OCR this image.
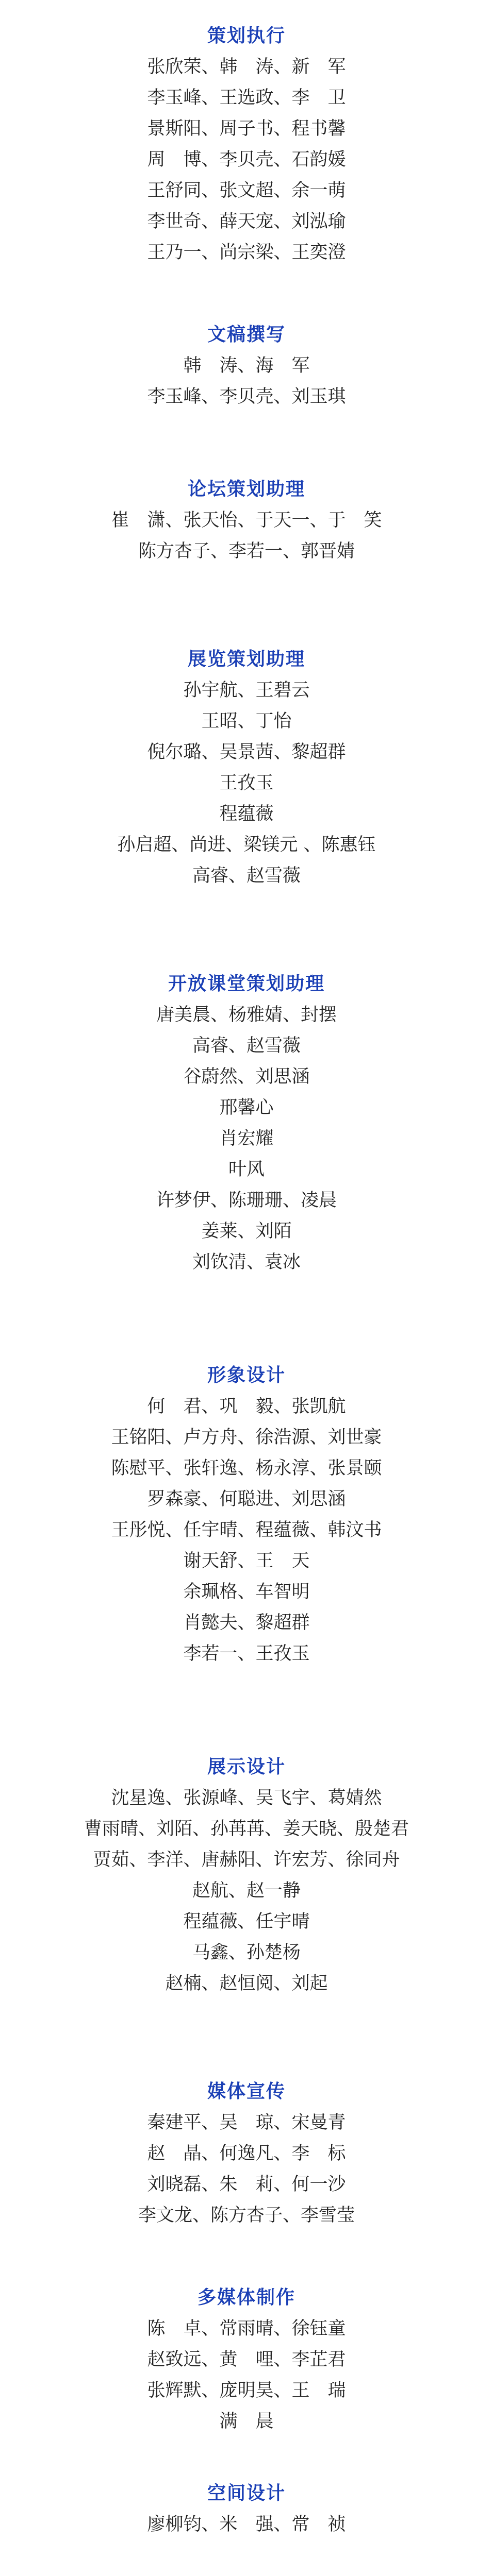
策划执行
张欣荣、韩　涛、新　军
李玉峰、王选政、李　卫
景斯阳、周子书、程书馨
周　博、李贝壳、石韵媛
王舒同、张文超、余一萌
李世奇、薛天宠、刘泓瑜
王乃一、尚宗梁、王奕澄
文稿撰写
韩　涛、海　军
李玉峰、李贝壳、刘玉琪
论坛策划助理
崔　潇、张天怡、于天一、于　笑
陈方杏子、李若一、郭晋婧
展览策划助理
孙宇航、王碧云
王昭、丁怡
倪尔璐、吴景茜、黎超群
王孜玉
程蕴薇
孙启超、尚进、梁镁元 、陈惠钰
高睿、赵雪薇
开放课堂策划助理
唐美晨、杨雅婧、封摆
高睿、赵雪薇
谷蔚然、刘思涵
邢馨心
肖宏耀
叶风
许梦伊、陈珊珊、凌晨
姜莱、刘陌
刘钦清、袁冰
形象设计
何　君、巩　毅、张凯航
王铭阳、卢方舟、徐浩源、刘世豪
陈慰平、张轩逸、杨永淳、张景颐
罗森豪、何聪进、刘思涵
王彤悦、任宇晴、程蕴薇、韩汶书
谢天舒、王　天
余珮格、车智明
肖懿夫、黎超群
李若一、王孜玉
展示设计
沈星逸、张源峰、吴飞宇、葛婧然
曹雨晴、刘陌、孙苒苒、姜天晓、殷楚君
贾茹、李洋、唐赫阳、许宏芳、徐同舟
赵航、赵一静
程蕴薇、任宇晴
马鑫、孙楚杨
赵楠、赵恒阅、刘起
媒体宣传
秦建平、吴　琼、宋曼青
赵　晶、何逸凡、李　标
刘晓磊、朱　莉、何一沙
李文龙、陈方杏子、李雪莹
多媒体制作
陈　卓、常雨晴、徐钰童
赵致远、黄　哩、李芷君
张辉默、庞明昊、王　瑞
满　晨
空间设计
廖柳钧、米　强、常　祯
